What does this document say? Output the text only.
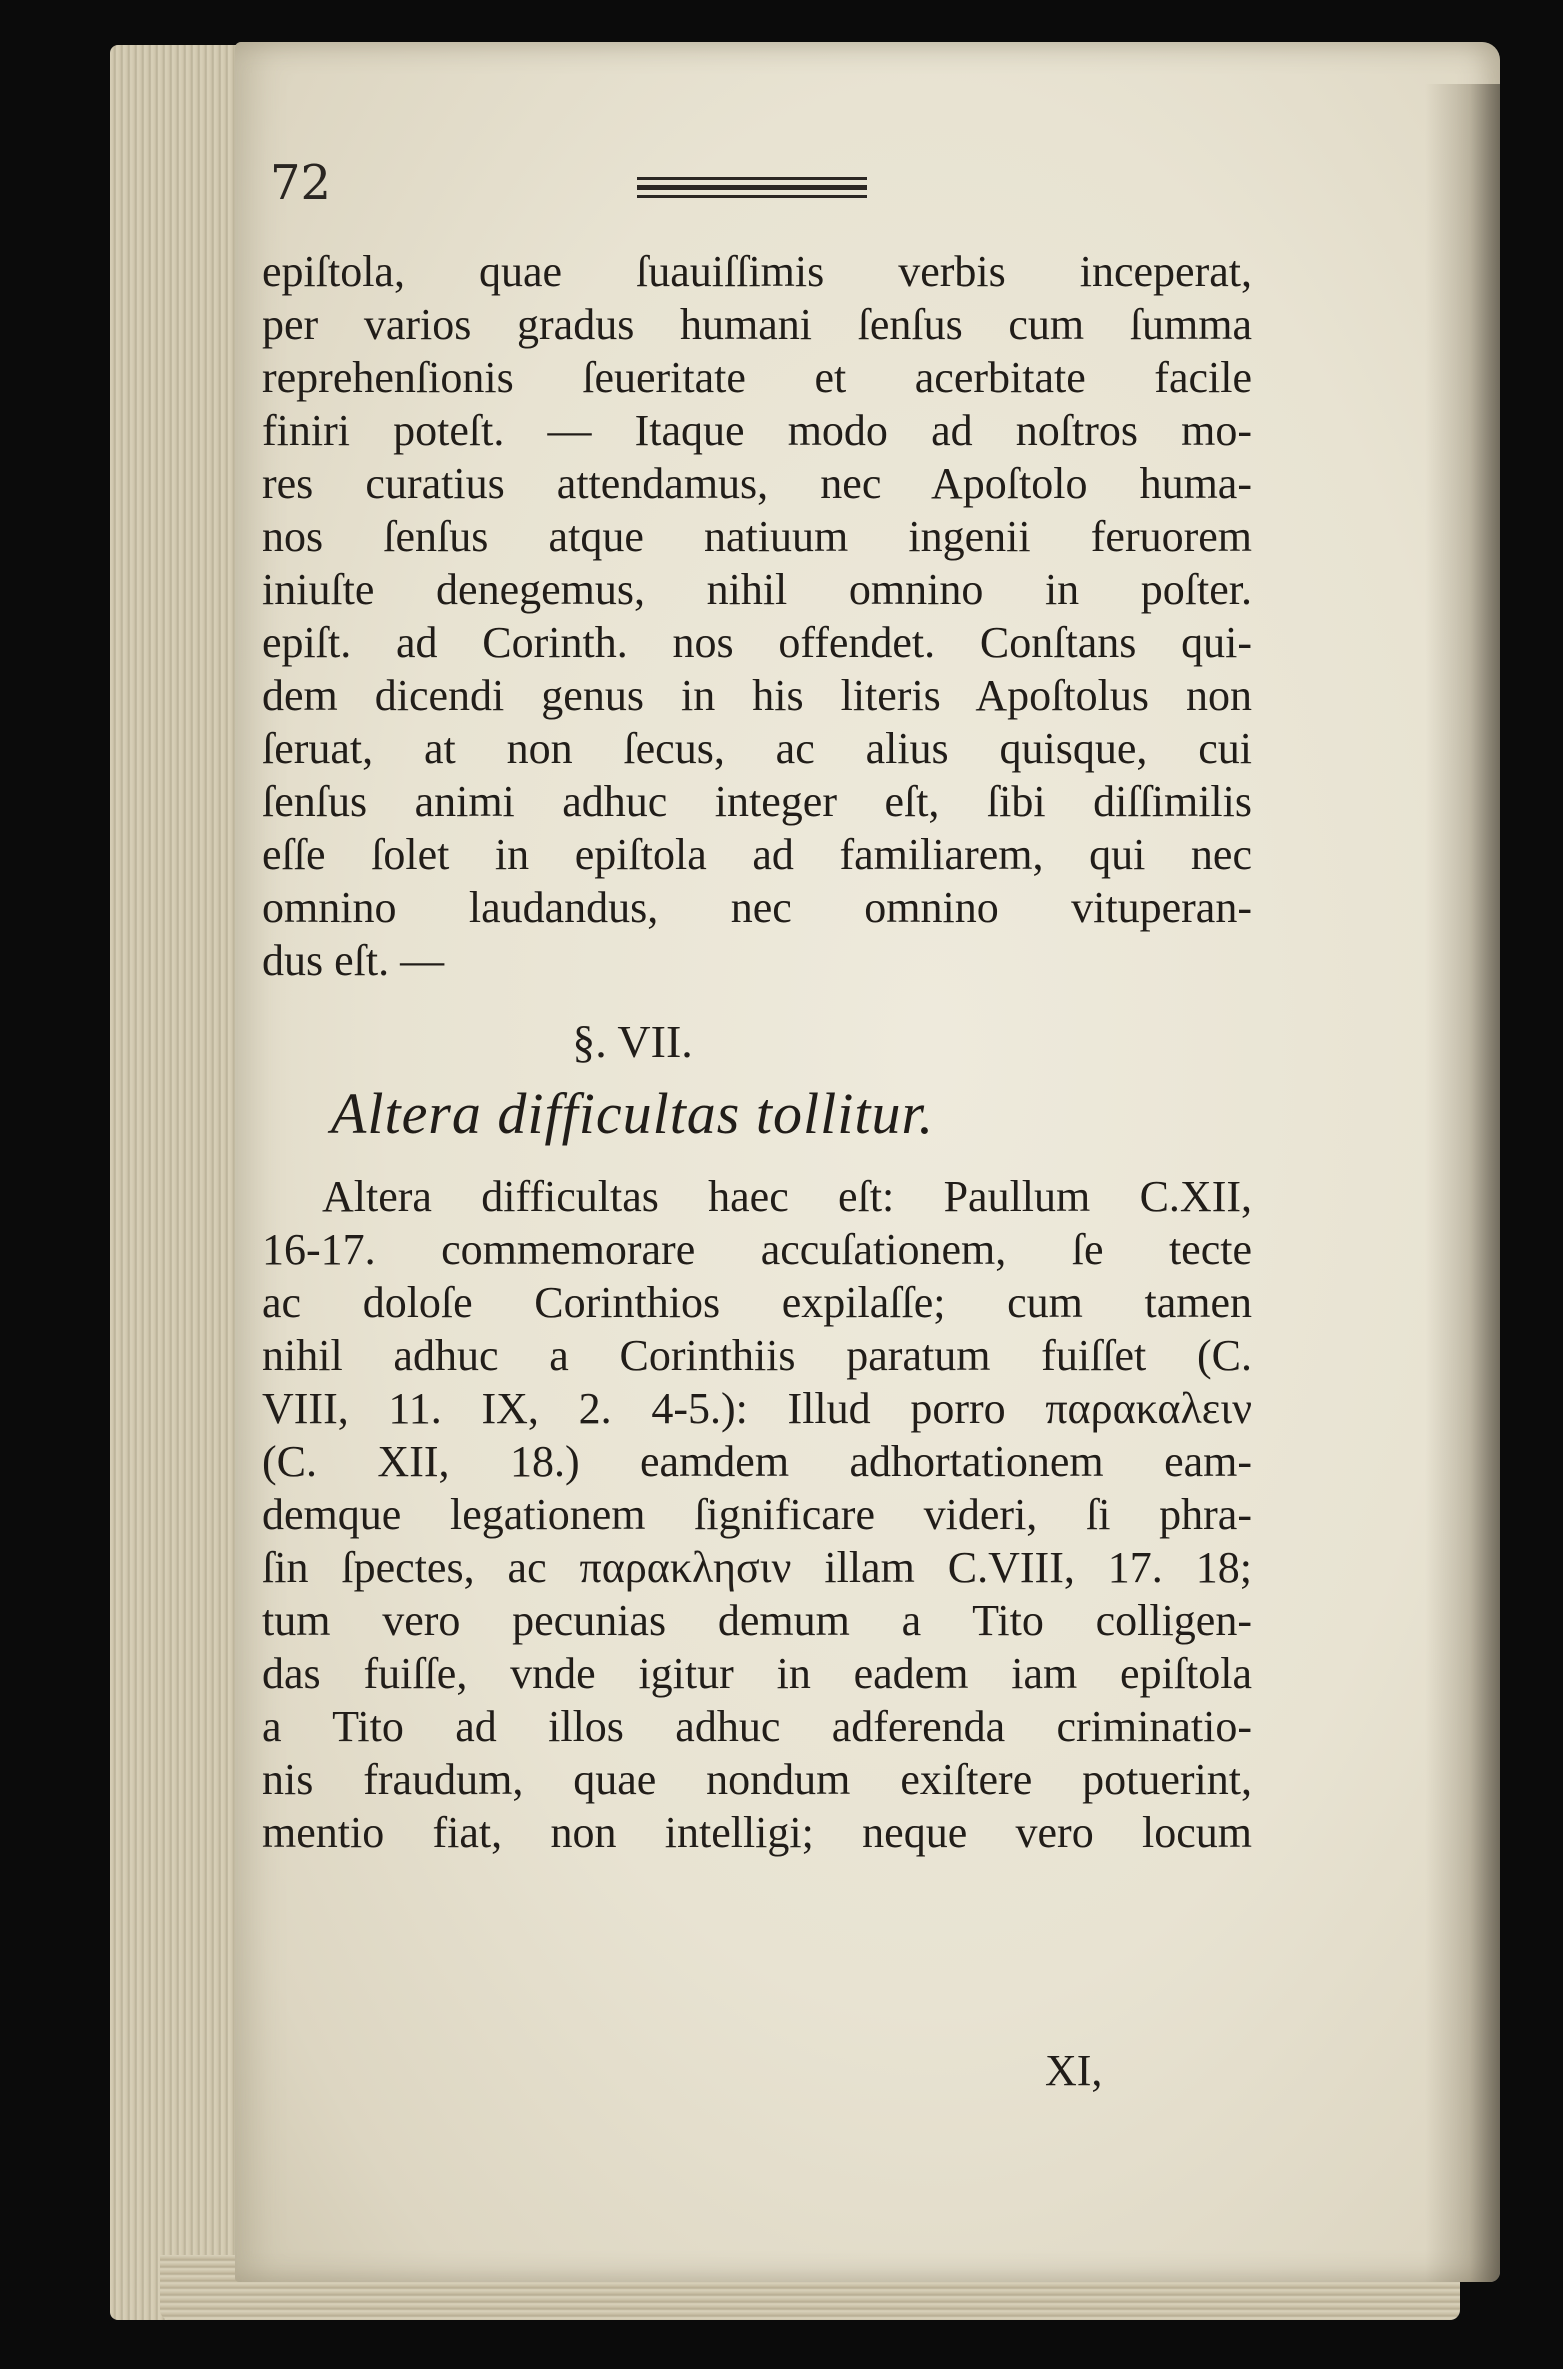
72

epiſtola, quae ſuauiſſimis verbis inceperat,
per varios gradus humani ſenſus cum ſumma
reprehenſionis ſeueritate et acerbitate facile
finiri poteſt. — Itaque modo ad noſtros mo-
res curatius attendamus, nec Apoſtolo huma-
nos ſenſus atque natiuum ingenii feruorem
iniuſte denegemus, nihil omnino in poſter.
epiſt. ad Corinth. nos offendet. Conſtans qui-
dem dicendi genus in his literis Apoſtolus non
ſeruat, at non ſecus, ac alius quisque, cui
ſenſus animi adhuc integer eſt, ſibi diſſimilis
eſſe ſolet in epiſtola ad familiarem, qui nec
omnino laudandus, nec omnino vituperan-
dus eſt. —

§. VII.

Altera difficultas tollitur.

Altera difficultas haec eſt: Paullum C.XII,
16-17. commemorare accuſationem, ſe tecte
ac doloſe Corinthios expilaſſe; cum tamen
nihil adhuc a Corinthiis paratum fuiſſet (C.
VIII, 11. IX, 2. 4-5.): Illud porro παρακαλειν
(C. XII, 18.) eamdem adhortationem eam-
demque legationem ſignificare videri, ſi phra-
ſin ſpectes, ac παρακλησιν illam C.VIII, 17. 18;
tum vero pecunias demum a Tito colligen-
das fuiſſe, vnde igitur in eadem iam epiſtola
a Tito ad illos adhuc adferenda criminatio-
nis fraudum, quae nondum exiſtere potuerint,
mentio fiat, non intelligi; neque vero locum

XI,
